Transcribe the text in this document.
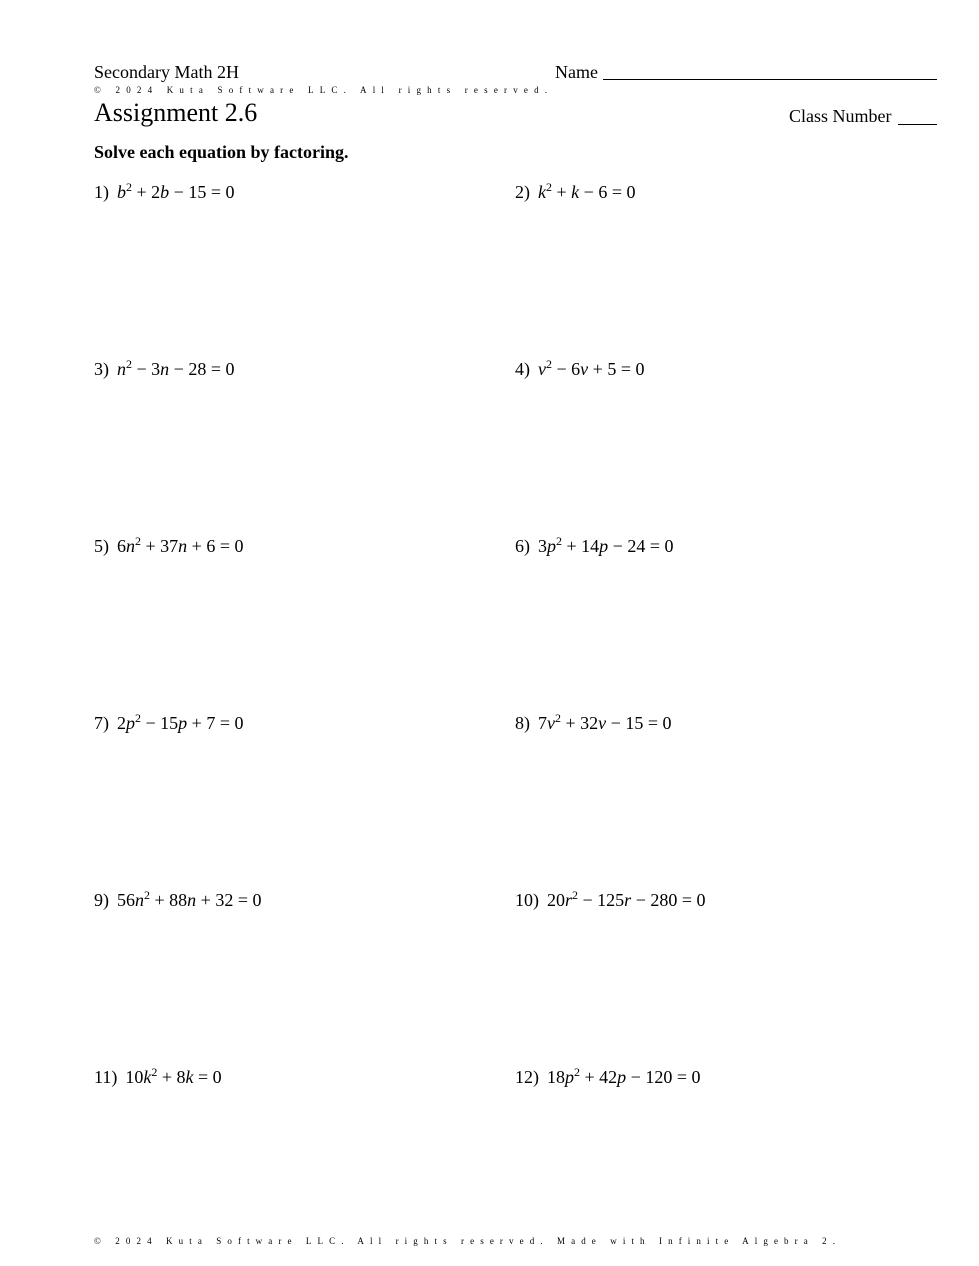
Secondary Math 2H	Name
© 2024 Kuta Software LLC. All rights reserved.
Assignment 2.6	Class Number
Solve each equation by factoring.
1) $b^2 + 2b - 15 = 0$	2) $k^2 + k - 6 = 0$
3) $n^2 - 3n - 28 = 0$	4) $v^2 - 6v + 5 = 0$
5) $6n^2 + 37n + 6 = 0$	6) $3p^2 + 14p - 24 = 0$
7) $2p^2 - 15p + 7 = 0$	8) $7v^2 + 32v - 15 = 0$
9) $56n^2 + 88n + 32 = 0$	10) $20r^2 - 125r - 280 = 0$
11) $10k^2 + 8k = 0$	12) $18p^2 + 42p - 120 = 0$
© 2024 Kuta Software LLC. All rights reserved. Made with Infinite Algebra 2.
